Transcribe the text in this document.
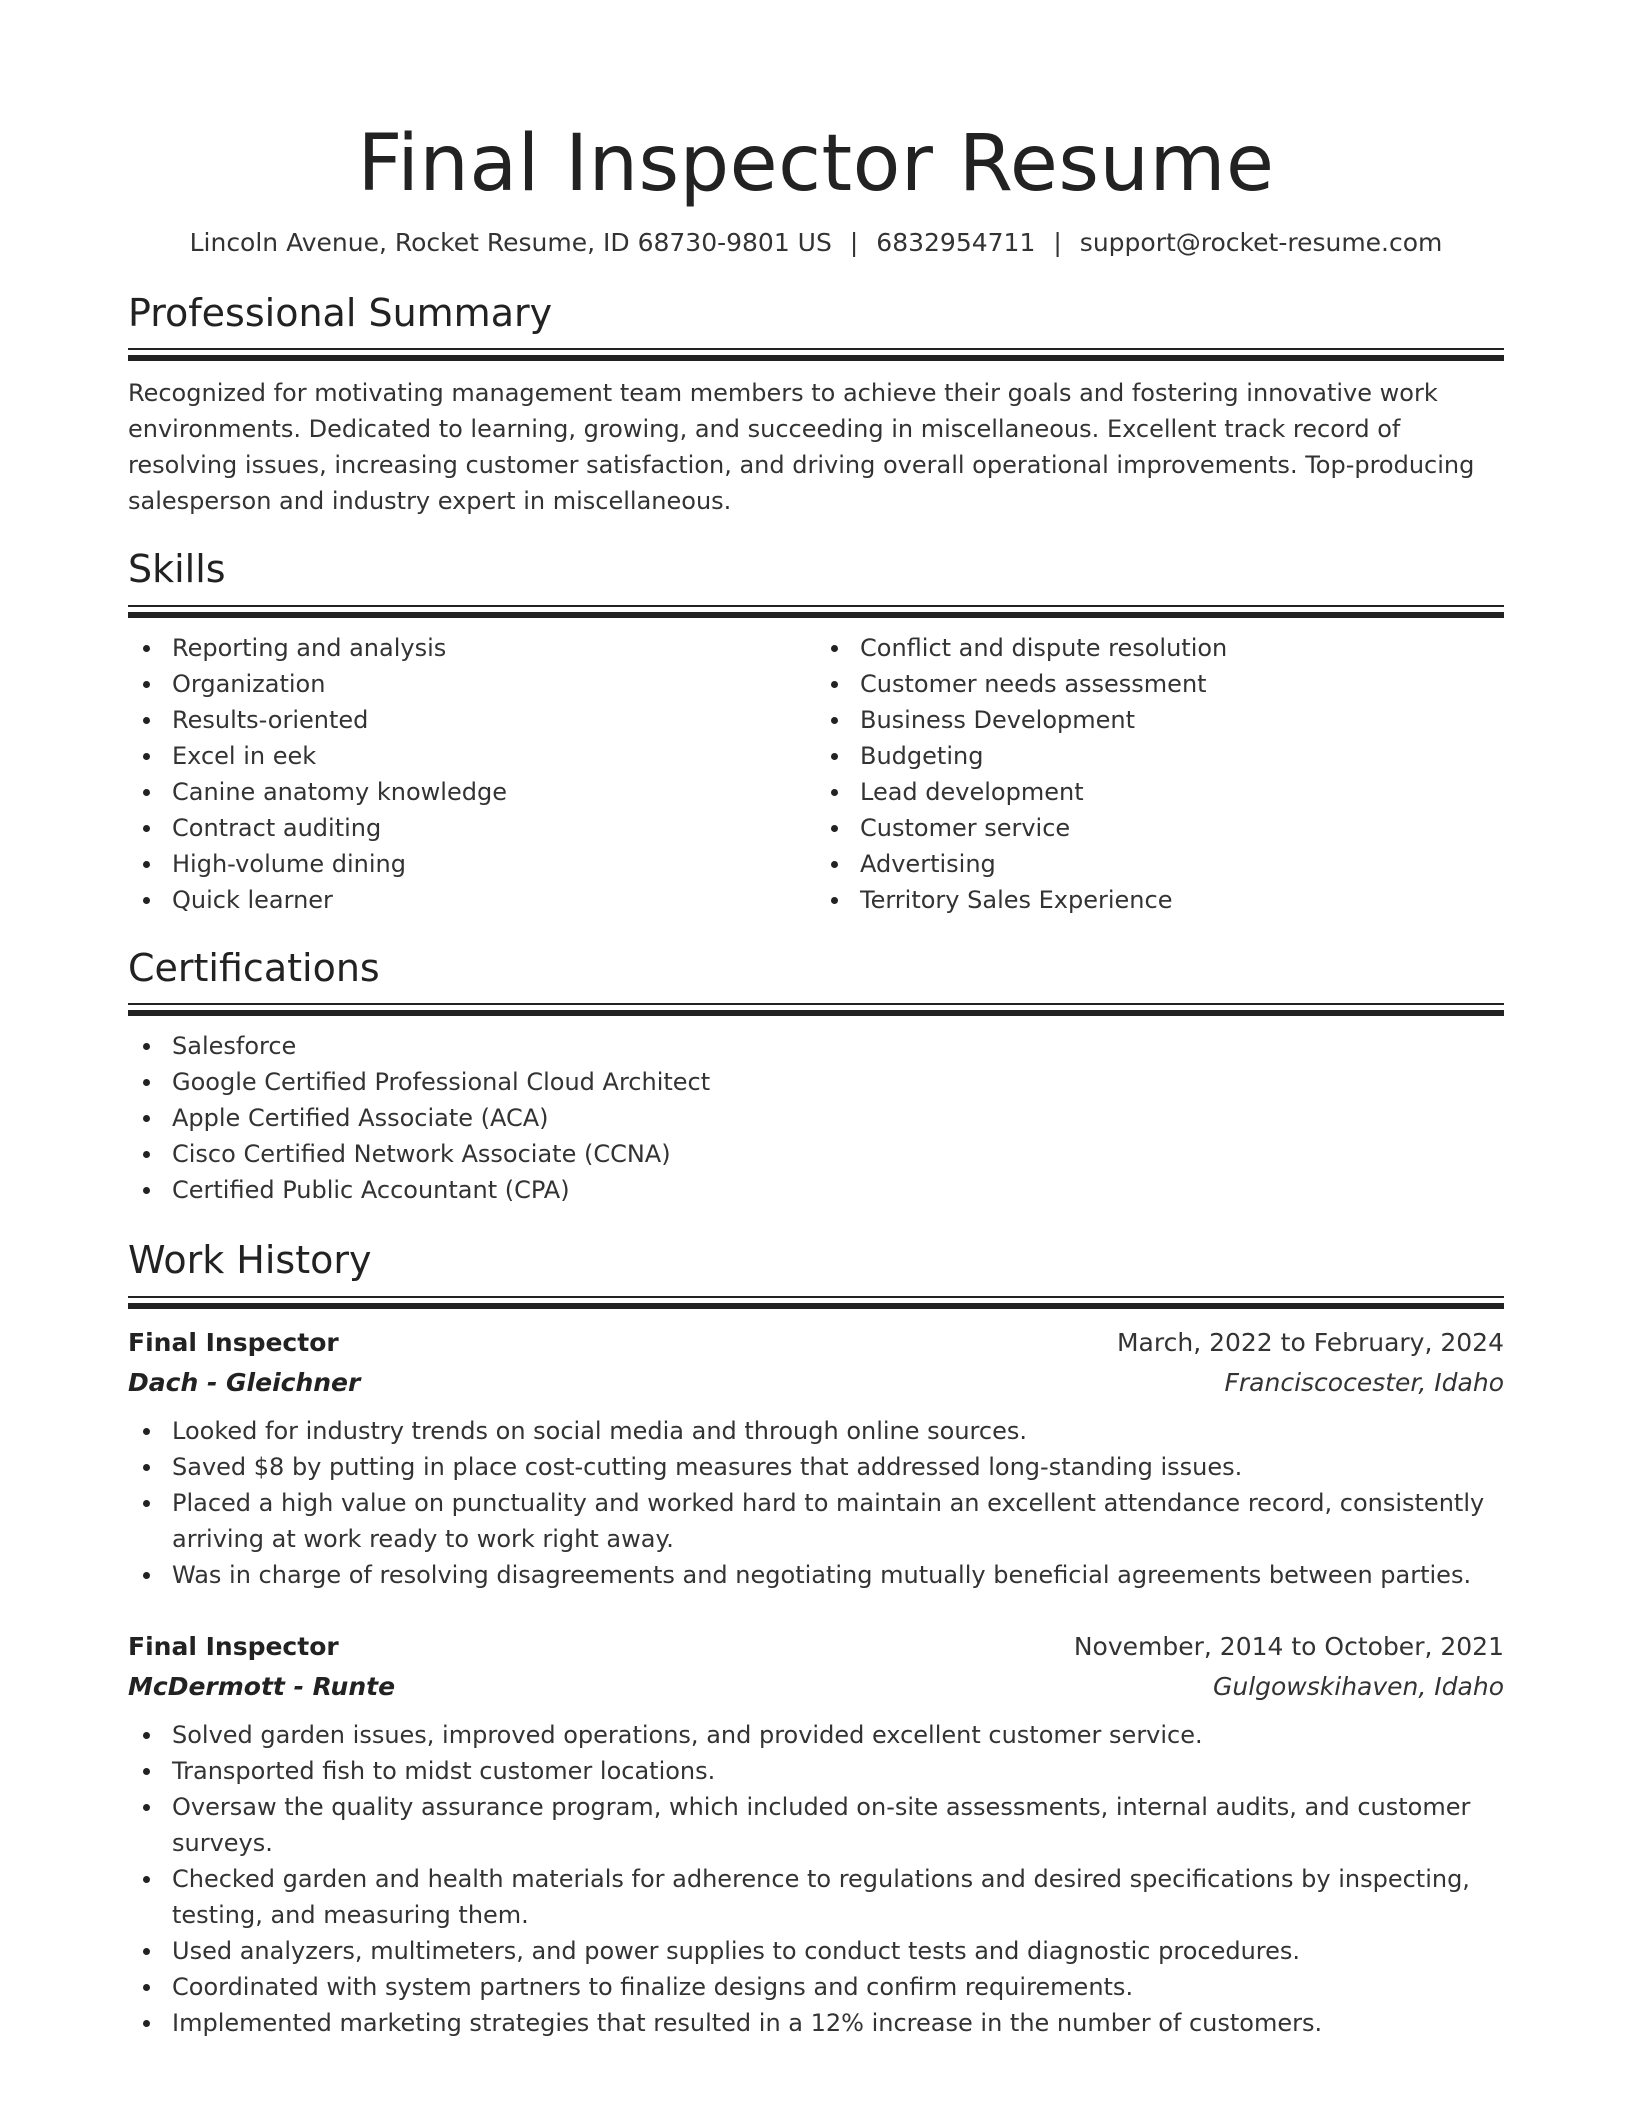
Final Inspector Resume
Lincoln Avenue, Rocket Resume, ID 68730-9801 US | 6832954711 | support@rocket-resume.com
Professional Summary

Recognized for motivating management team members to achieve their goals and fostering innovative work environments. Dedicated to learning, growing, and succeeding in miscellaneous. Excellent track record of resolving issues, increasing customer satisfaction, and driving overall operational improvements. Top-producing salesperson and industry expert in miscellaneous.

Skills
Reporting and analysis
Organization
Results-oriented
Excel in eek
Canine anatomy knowledge
Contract auditing
High-volume dining
Quick learner
Conflict and dispute resolution
Customer needs assessment
Business Development
Budgeting
Lead development
Customer service
Advertising
Territory Sales Experience
Certifications
Salesforce
Google Certified Professional Cloud Architect
Apple Certified Associate (ACA)
Cisco Certified Network Associate (CCNA)
Certified Public Accountant (CPA)
Work History
Final Inspector	March, 2022 to February, 2024
Dach - Gleichner	Franciscocester, Idaho
Looked for industry trends on social media and through online sources.
Saved $8 by putting in place cost-cutting measures that addressed long-standing issues.
Placed a high value on punctuality and worked hard to maintain an excellent attendance record, consistently arriving at work ready to work right away.
Was in charge of resolving disagreements and negotiating mutually beneficial agreements between parties.
Final Inspector	November, 2014 to October, 2021
McDermott - Runte	Gulgowskihaven, Idaho
Solved garden issues, improved operations, and provided excellent customer service.
Transported fish to midst customer locations.
Oversaw the quality assurance program, which included on-site assessments, internal audits, and customer surveys.
Checked garden and health materials for adherence to regulations and desired specifications by inspecting, testing, and measuring them.
Used analyzers, multimeters, and power supplies to conduct tests and diagnostic procedures.
Coordinated with system partners to finalize designs and confirm requirements.
Implemented marketing strategies that resulted in a 12% increase in the number of customers.
